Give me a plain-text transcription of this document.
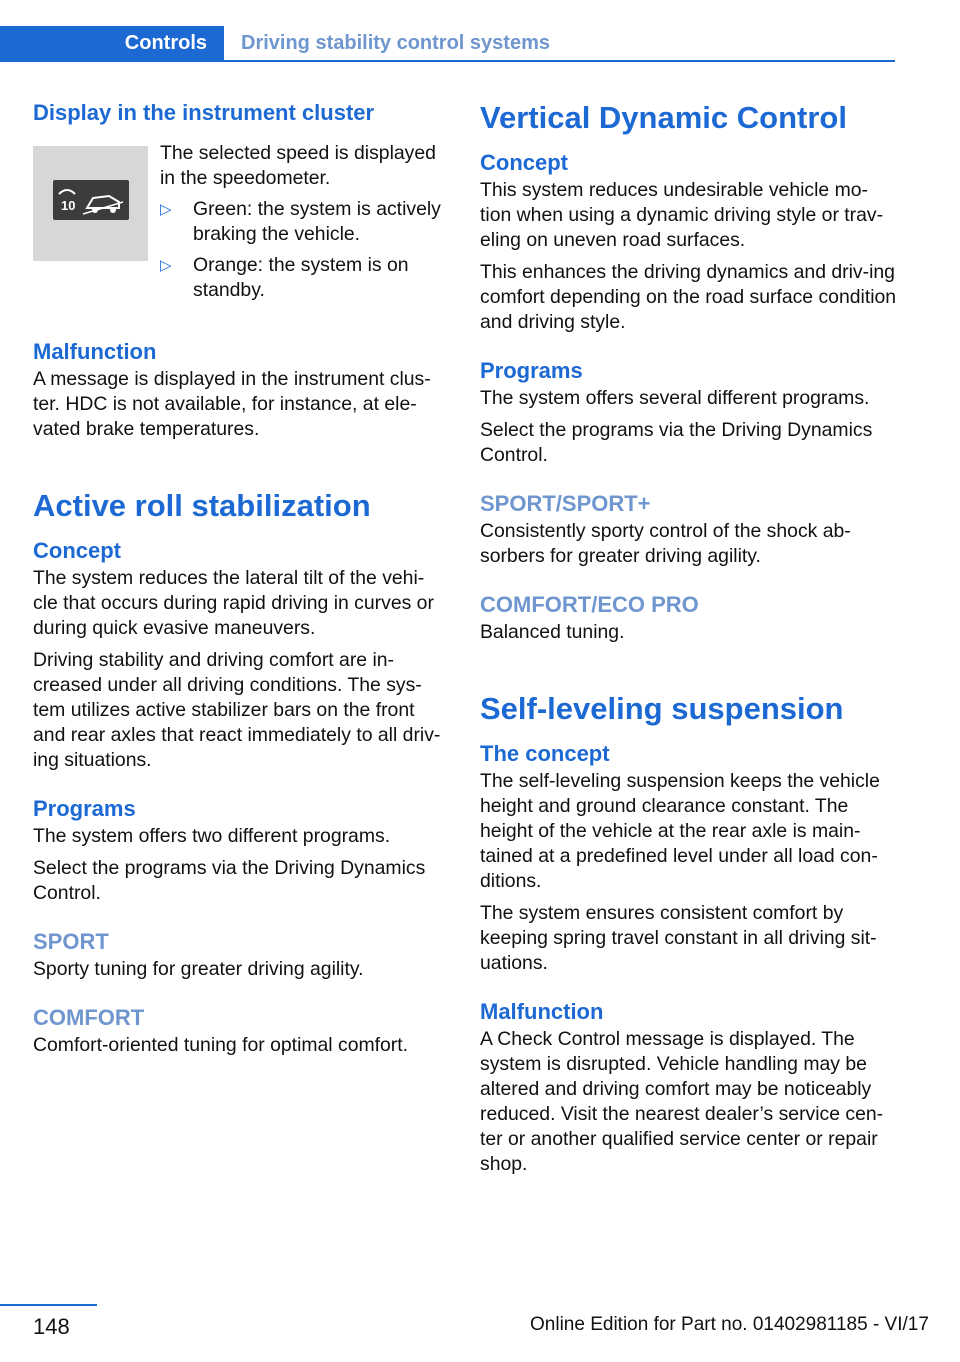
Controls Driving stability control systems
Display in the instrument cluster
10

The selected speed is displayed in the speedometer.

▷	Green: the system is actively braking the vehicle.
▷	Orange: the system is on standby.
Malfunction

A message is displayed in the instrument clus-ter. HDC is not available, for instance, at ele-vated brake temperatures.

Active roll stabilization
Concept

The system reduces the lateral tilt of the vehi-cle that occurs during rapid driving in curves or during quick evasive maneuvers.

Driving stability and driving comfort are in-creased under all driving conditions. The sys-tem utilizes active stabilizer bars on the front and rear axles that react immediately to all driv-ing situations.

Programs

The system offers two different programs.

Select the programs via the Driving Dynamics Control.

SPORT

Sporty tuning for greater driving agility.

COMFORT

Comfort-oriented tuning for optimal comfort.

Vertical Dynamic Control
Concept

This system reduces undesirable vehicle mo-tion when using a dynamic driving style or trav-eling on uneven road surfaces.

This enhances the driving dynamics and driv-ing comfort depending on the road surface condition and driving style.

Programs

The system offers several different programs.

Select the programs via the Driving Dynamics Control.

SPORT/SPORT+

Consistently sporty control of the shock ab-sorbers for greater driving agility.

COMFORT/ECO PRO

Balanced tuning.

Self-leveling suspension
The concept

The self-leveling suspension keeps the vehicle height and ground clearance constant. The height of the vehicle at the rear axle is main-tained at a predefined level under all load con-ditions.

The system ensures consistent comfort by keeping spring travel constant in all driving sit-uations.

Malfunction

A Check Control message is displayed. The system is disrupted. Vehicle handling may be altered and driving comfort may be noticeably reduced. Visit the nearest dealer’s service cen-ter or another qualified service center or repair shop.

148	Online Edition for Part no. 01402981185 - VI/17
